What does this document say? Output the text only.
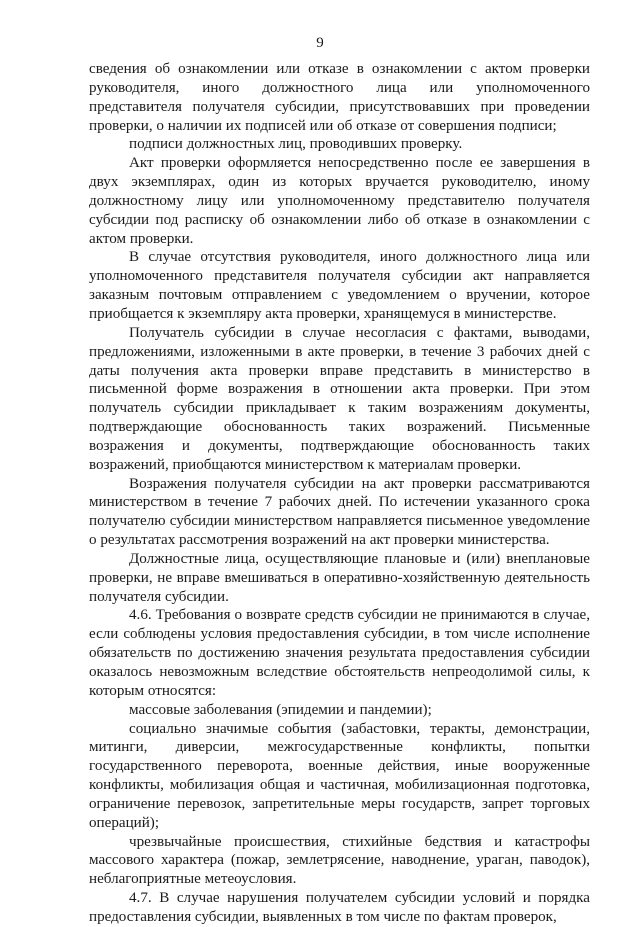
9

сведения об ознакомлении или отказе в ознакомлении с актом проверки руководителя, иного должностного лица или уполномоченного представителя получателя субсидии, присутствовавших при проведении проверки, о наличии их подписей или об отказе от совершения подписи;

подписи должностных лиц, проводивших проверку.

Акт проверки оформляется непосредственно после ее завершения в двух экземплярах, один из которых вручается руководителю, иному должностному лицу или уполномоченному представителю получателя субсидии под расписку об ознакомлении либо об отказе в ознакомлении с актом проверки.

В случае отсутствия руководителя, иного должностного лица или уполномоченного представителя получателя субсидии акт направляется заказным почтовым отправлением с уведомлением о вручении, которое приобщается к экземпляру акта проверки, хранящемуся в министерстве.

Получатель субсидии в случае несогласия с фактами, выводами, предложениями, изложенными в акте проверки, в течение 3 рабочих дней с даты получения акта проверки вправе представить в министерство в письменной форме возражения в отношении акта проверки. При этом получатель субсидии прикладывает к таким возражениям документы, подтверждающие обоснованность таких возражений. Письменные возражения и документы, подтверждающие обоснованность таких возражений, приобщаются министерством к материалам проверки.

Возражения получателя субсидии на акт проверки рассматриваются министерством в течение 7 рабочих дней. По истечении указанного срока получателю субсидии министерством направляется письменное уведомление о результатах рассмотрения возражений на акт проверки министерства.

Должностные лица, осуществляющие плановые и (или) внеплановые проверки, не вправе вмешиваться в оперативно-хозяйственную деятельность получателя субсидии.

4.6. Требования о возврате средств субсидии не принимаются в случае, если соблюдены условия предоставления субсидии, в том числе исполнение обязательств по достижению значения результата предоставления субсидии оказалось невозможным вследствие обстоятельств непреодолимой силы, к которым относятся:

массовые заболевания (эпидемии и пандемии);

социально значимые события (забастовки, теракты, демонстрации, митинги, диверсии, межгосударственные конфликты, попытки государственного переворота, военные действия, иные вооруженные конфликты, мобилизация общая и частичная, мобилизационная подготовка, ограничение перевозок, запретительные меры государств, запрет торговых операций);

чрезвычайные происшествия, стихийные бедствия и катастрофы массового характера (пожар, землетрясение, наводнение, ураган, паводок), неблагоприятные метеоусловия.

4.7. В случае нарушения получателем субсидии условий и порядка предоставления субсидии, выявленных в том числе по фактам проверок,
